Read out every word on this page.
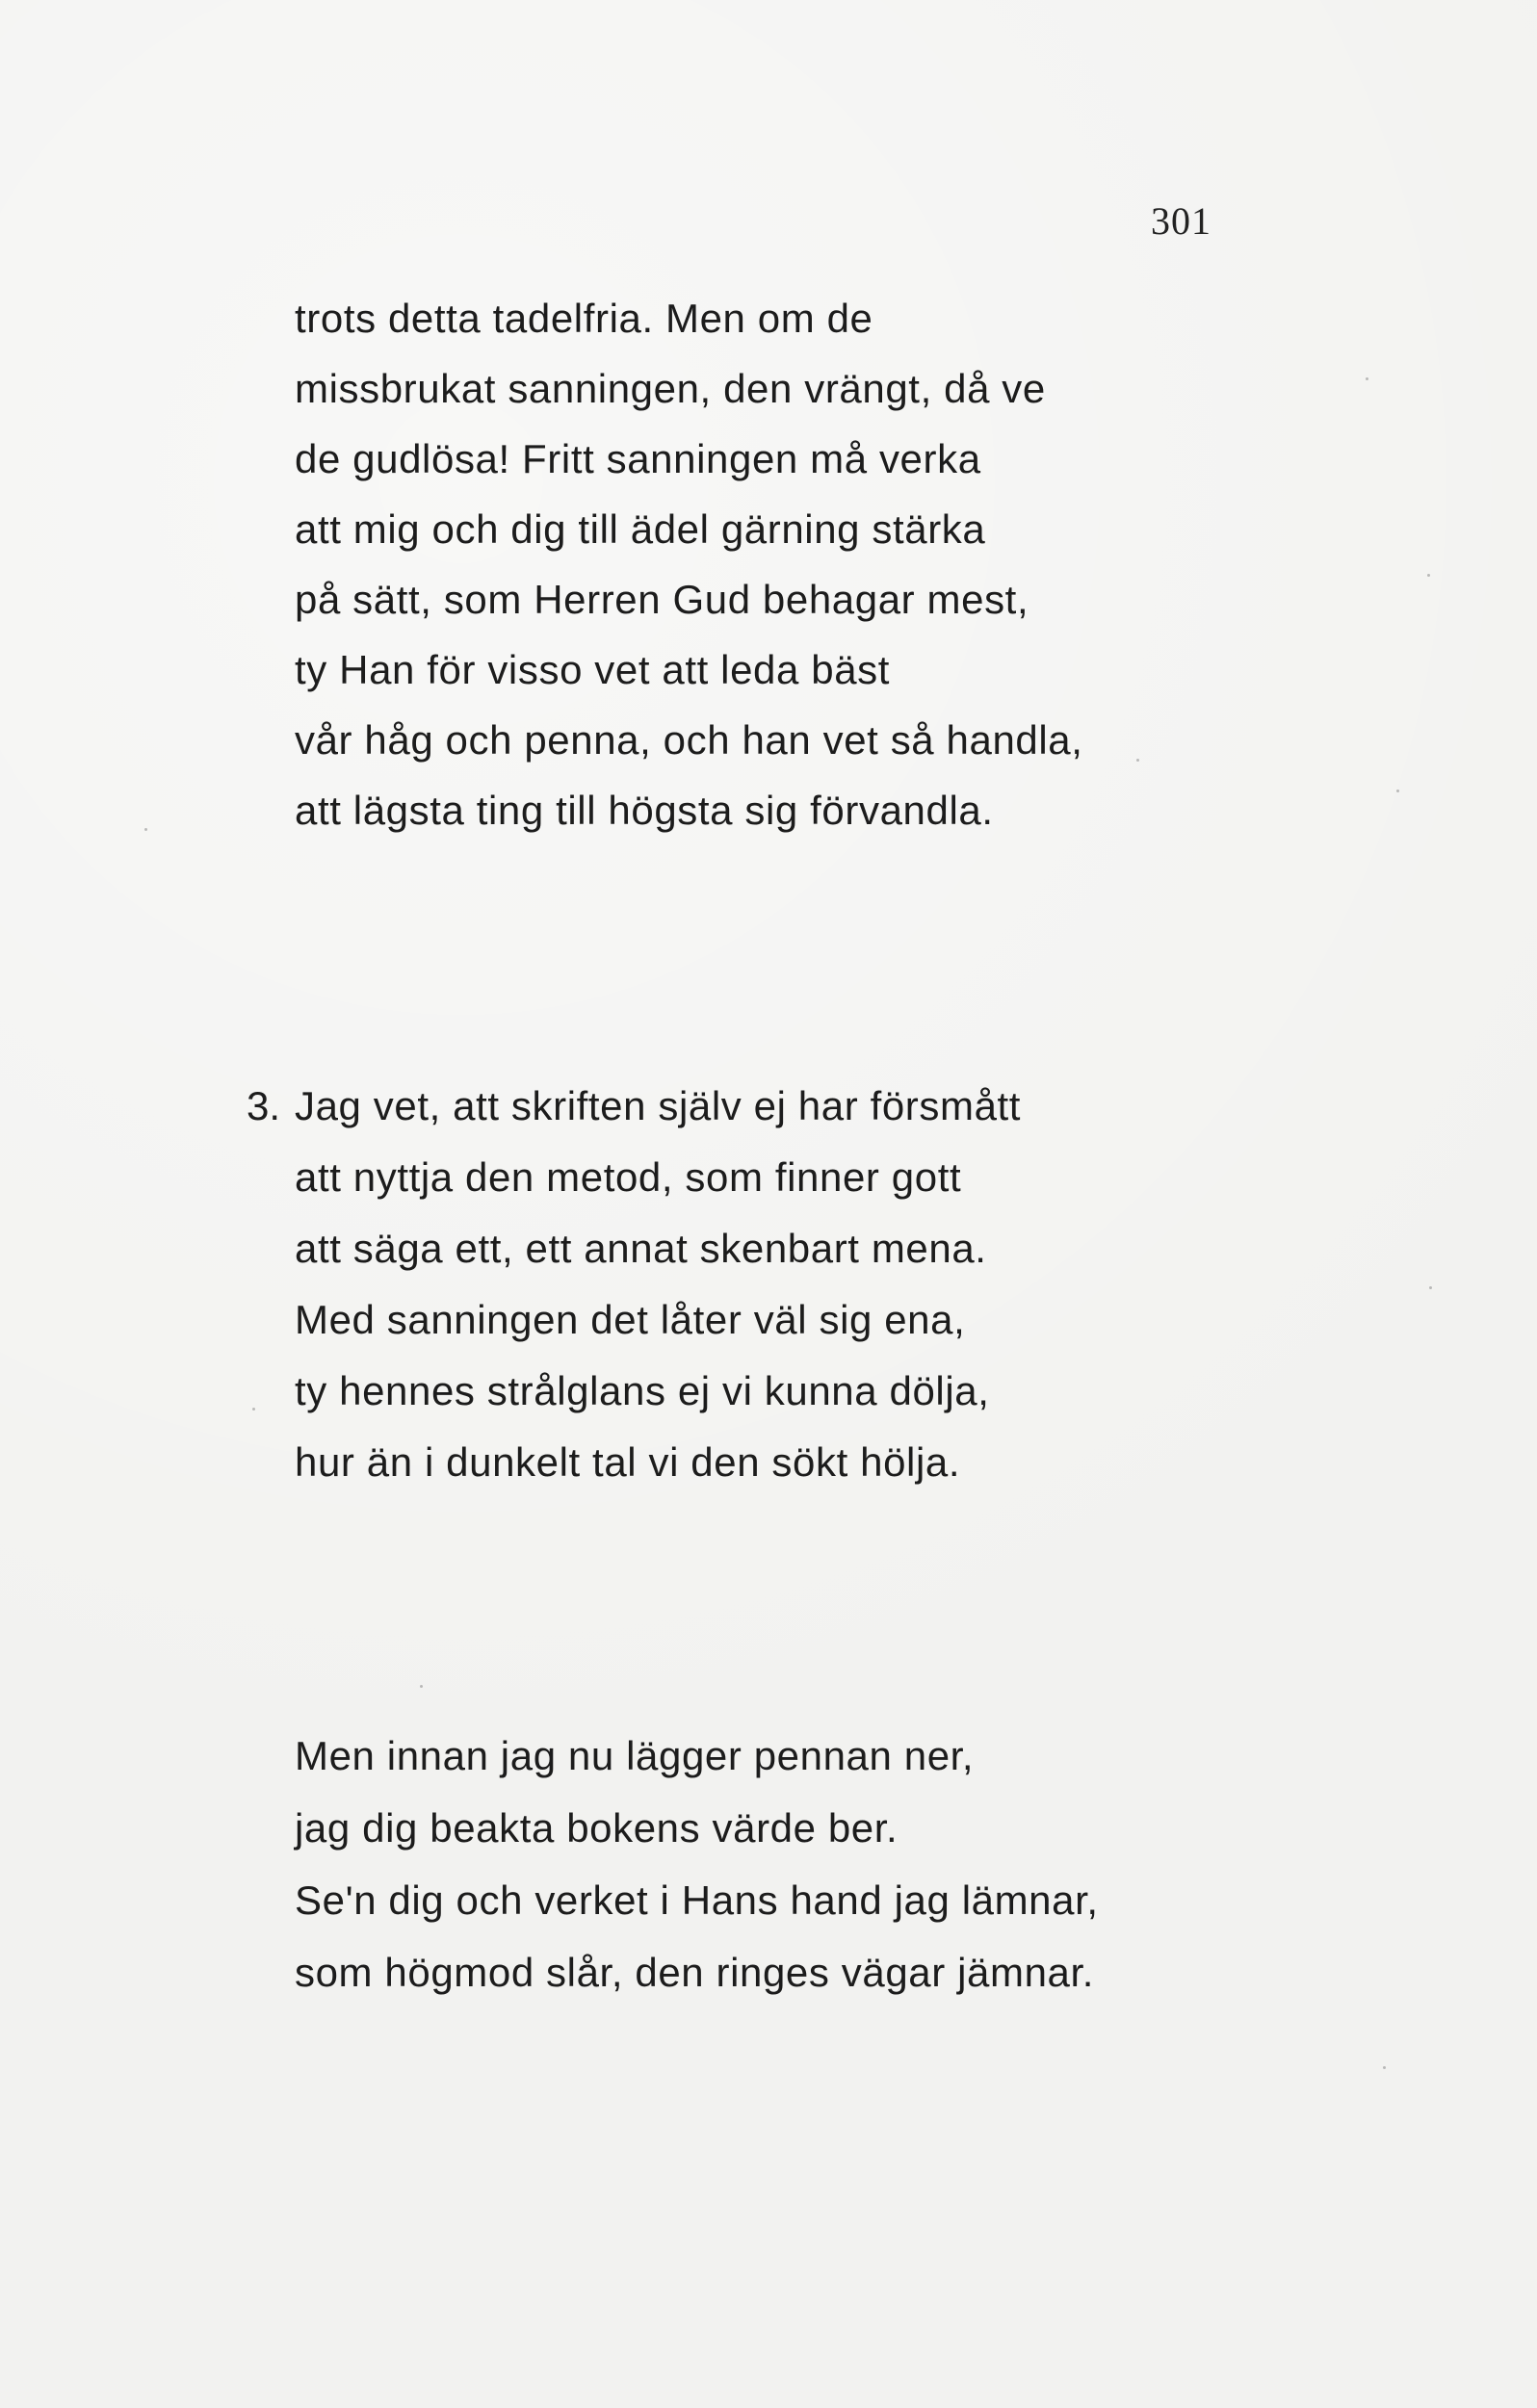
301
trots detta tadelfria. Men om de
missbrukat sanningen, den vrängt, då ve
de gudlösa! Fritt sanningen må verka
att mig och dig till ädel gärning stärka
på sätt, som Herren Gud behagar mest,
ty Han för visso vet att leda bäst
vår håg och penna, och han vet så handla,
att lägsta ting till högsta sig förvandla.
3. Jag vet, att skriften själv ej har försmått
att nyttja den metod, som finner gott
att säga ett, ett annat skenbart mena.
Med sanningen det låter väl sig ena,
ty hennes strålglans ej vi kunna dölja,
hur än i dunkelt tal vi den sökt hölja.
Men innan jag nu lägger pennan ner,
jag dig beakta bokens värde ber.
Se'n dig och verket i Hans hand jag lämnar,
som högmod slår, den ringes vägar jämnar.
